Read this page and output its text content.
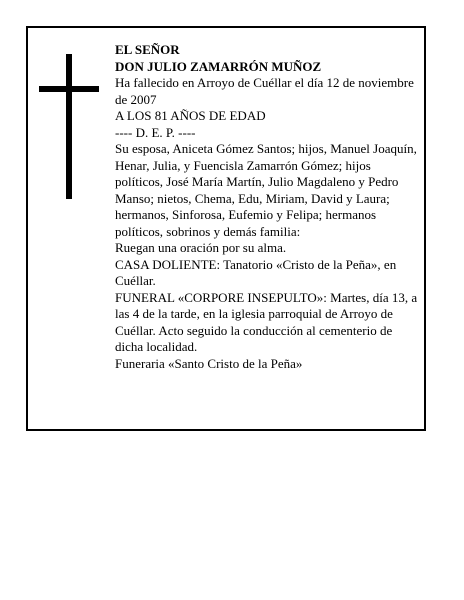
EL SEÑOR

DON JULIO ZAMARRÓN MUÑOZ

Ha fallecido en Arroyo de Cuéllar el día 12 de noviembre de 2007

A LOS 81 AÑOS DE EDAD

---- D. E. P. ----

Su esposa, Aniceta Gómez Santos; hijos, Manuel Joaquín, Henar, Julia, y Fuencisla Zamarrón Gómez; hijos políticos, José María Martín, Julio Magdaleno y Pedro Manso; nietos, Chema, Edu, Miriam, David y Laura; hermanos, Sinforosa, Eufemio y Felipa; hermanos políticos, sobrinos y demás familia:

Ruegan una oración por su alma.

CASA DOLIENTE: Tanatorio «Cristo de la Peña», en Cuéllar.

FUNERAL «CORPORE INSEPULTO»: Martes, día 13, a las 4 de la tarde, en la iglesia parroquial de Arroyo de Cuéllar. Acto seguido la conducción al cementerio de dicha localidad.

Funeraria «Santo Cristo de la Peña»
